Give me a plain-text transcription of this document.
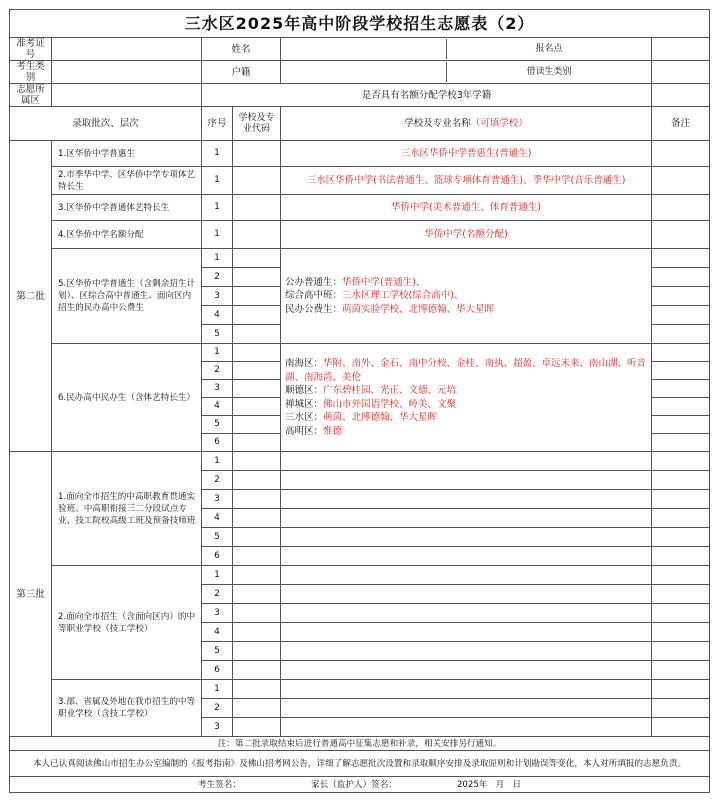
三水区2025年高中阶段学校招生志愿表（2）					
准考证号		姓名		报名点	

考生类别		户籍		借读生类别	

志愿所属区		是否具有名额分配学校3年学籍			
录取批次、层次		序号	学校及专业代码	学校及专业名称（可填学校）	备注
第二批	1.区华侨中学普惠生	1		三水区华侨中学普惠生(普通生)	
	2.市季华中学、区华侨中学专项体艺特长生	1		三水区华侨中学(书法普通生、篮球专项体育普通生)、季华中学(音乐普通生)	
	3.区华侨中学普通体艺特长生	1		华侨中学(美术普通生、体育普通生)	
	4.区华侨中学名额分配	1		华侨中学(名额分配)	
	5.区华侨中学普通生（含剩余招生计划）、区综合高中普通生、面向区内招生的民办高中公费生	1		公办普通生：华侨中学(普通生)、
综合高中班：三水区理工学校(综合高中)、
民办公费生：萌茵实验学校、北博德翰、华大星晖	

		2			
		3			
		4			
		5			
	6.民办高中民办生（含体艺特长生）	1		南海区：华附、南外、金石、南中分校、金桂、南执、超盈、卓远未来、南山湖、听音湖、南海湾、美伦
顺德区：广东碧桂园、光正、文德、元培
禅城区：佛山市外国语学校、岭美、文聚
三水区：萌茵、北博德翰、华大星晖
高明区：惟德	

		2			
		3			
		4			
		5			
		6			
第三批	1.面向全市招生的中高职教育贯通实验班、中高职衔接三二分段试点专业、技工院校高级工班及预备技师班	1			
		2			
		3			
		4			
		5			
		6			
	2.面向全市招生（含面向区内）的中等职业学校（技工学校）	1			
		2			
		3			
		4			
		5			
		6			
	3.部、省属及外地在我市招生的中等职业学校（含技工学校）	1			
		2			
		3			
注：第二批录取结束后进行普通高中征集志愿和补录，相关安排另行通知。					
本人已认真阅读佛山市招生办公室编制的《报考指南》及佛山招考网公告，详细了解志愿批次设置和录取顺序安排及录取原则和计划勘误等变化，本人对所填报的志愿负责。					
考生签名： 家长（监护人）签名： 2025年   月   日					
